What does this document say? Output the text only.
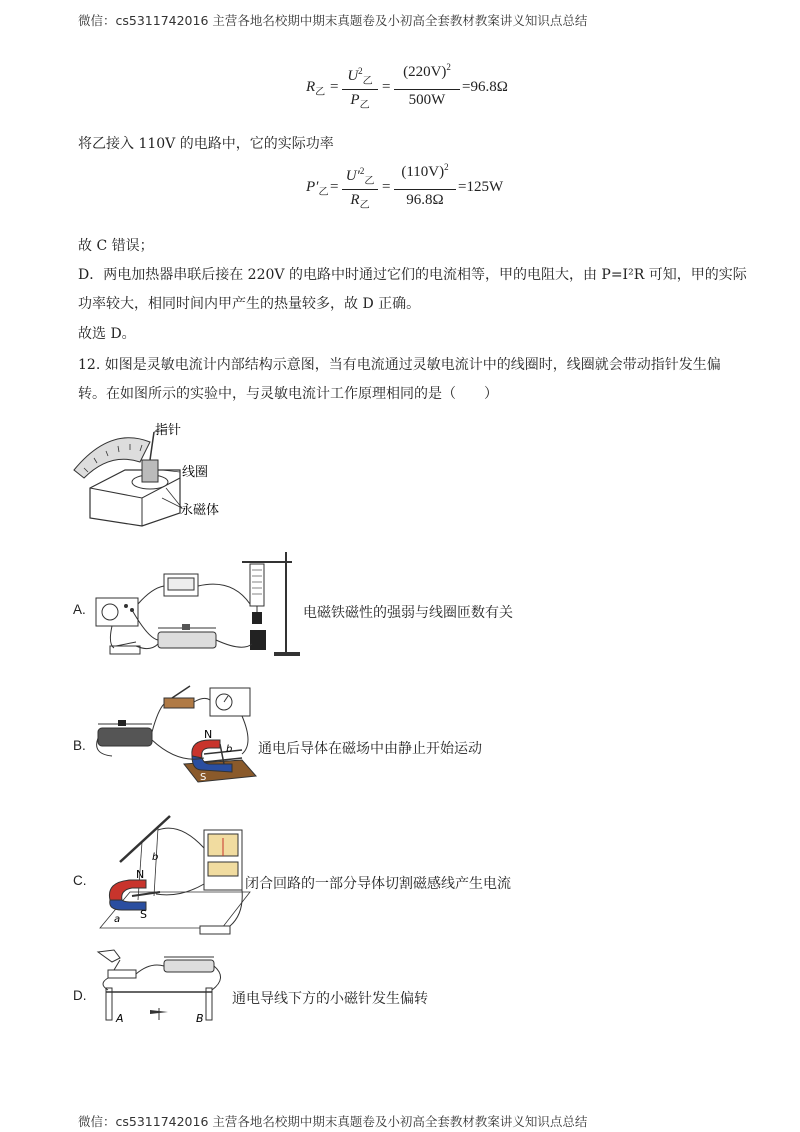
微信：cs5311742016 主营各地名校期中期末真题卷及小初高全套教材教案讲义知识点总结
$R_乙$ =
$U^2_乙$
$P_乙$
=
$(220V)^2$
500W
=96.8Ω
将乙接入 110V 的电路中，它的实际功率
$P'_乙$ =
$U'^2_乙$
$R_乙$
=
$(110V)^2$
96.8Ω
=125W
故 C 错误；
D．两电加热器串联后接在 220V 的电路中时通过它们的电流相等，甲的电阻大，由 P=I²R 可知，甲的实际
功率较大，相同时间内甲产生的热量较多，故 D 正确。
故选 D。
12. 如图是灵敏电流计内部结构示意图，当有电流通过灵敏电流计中的线圈时，线圈就会带动指针发生偏
转。在如图所示的实验中，与灵敏电流计工作原理相同的是（　　）
指针
线圈
永磁体
A.	电磁铁磁性的强弱与线圈匝数有关
B.
N
b
S
通电后导体在磁场中由静止开始运动
C.	N
b
S
a
闭合回路的一部分导体切割磁感线产生电流
D.
A	B
通电导线下方的小磁针发生偏转
微信：cs5311742016 主营各地名校期中期末真题卷及小初高全套教材教案讲义知识点总结
